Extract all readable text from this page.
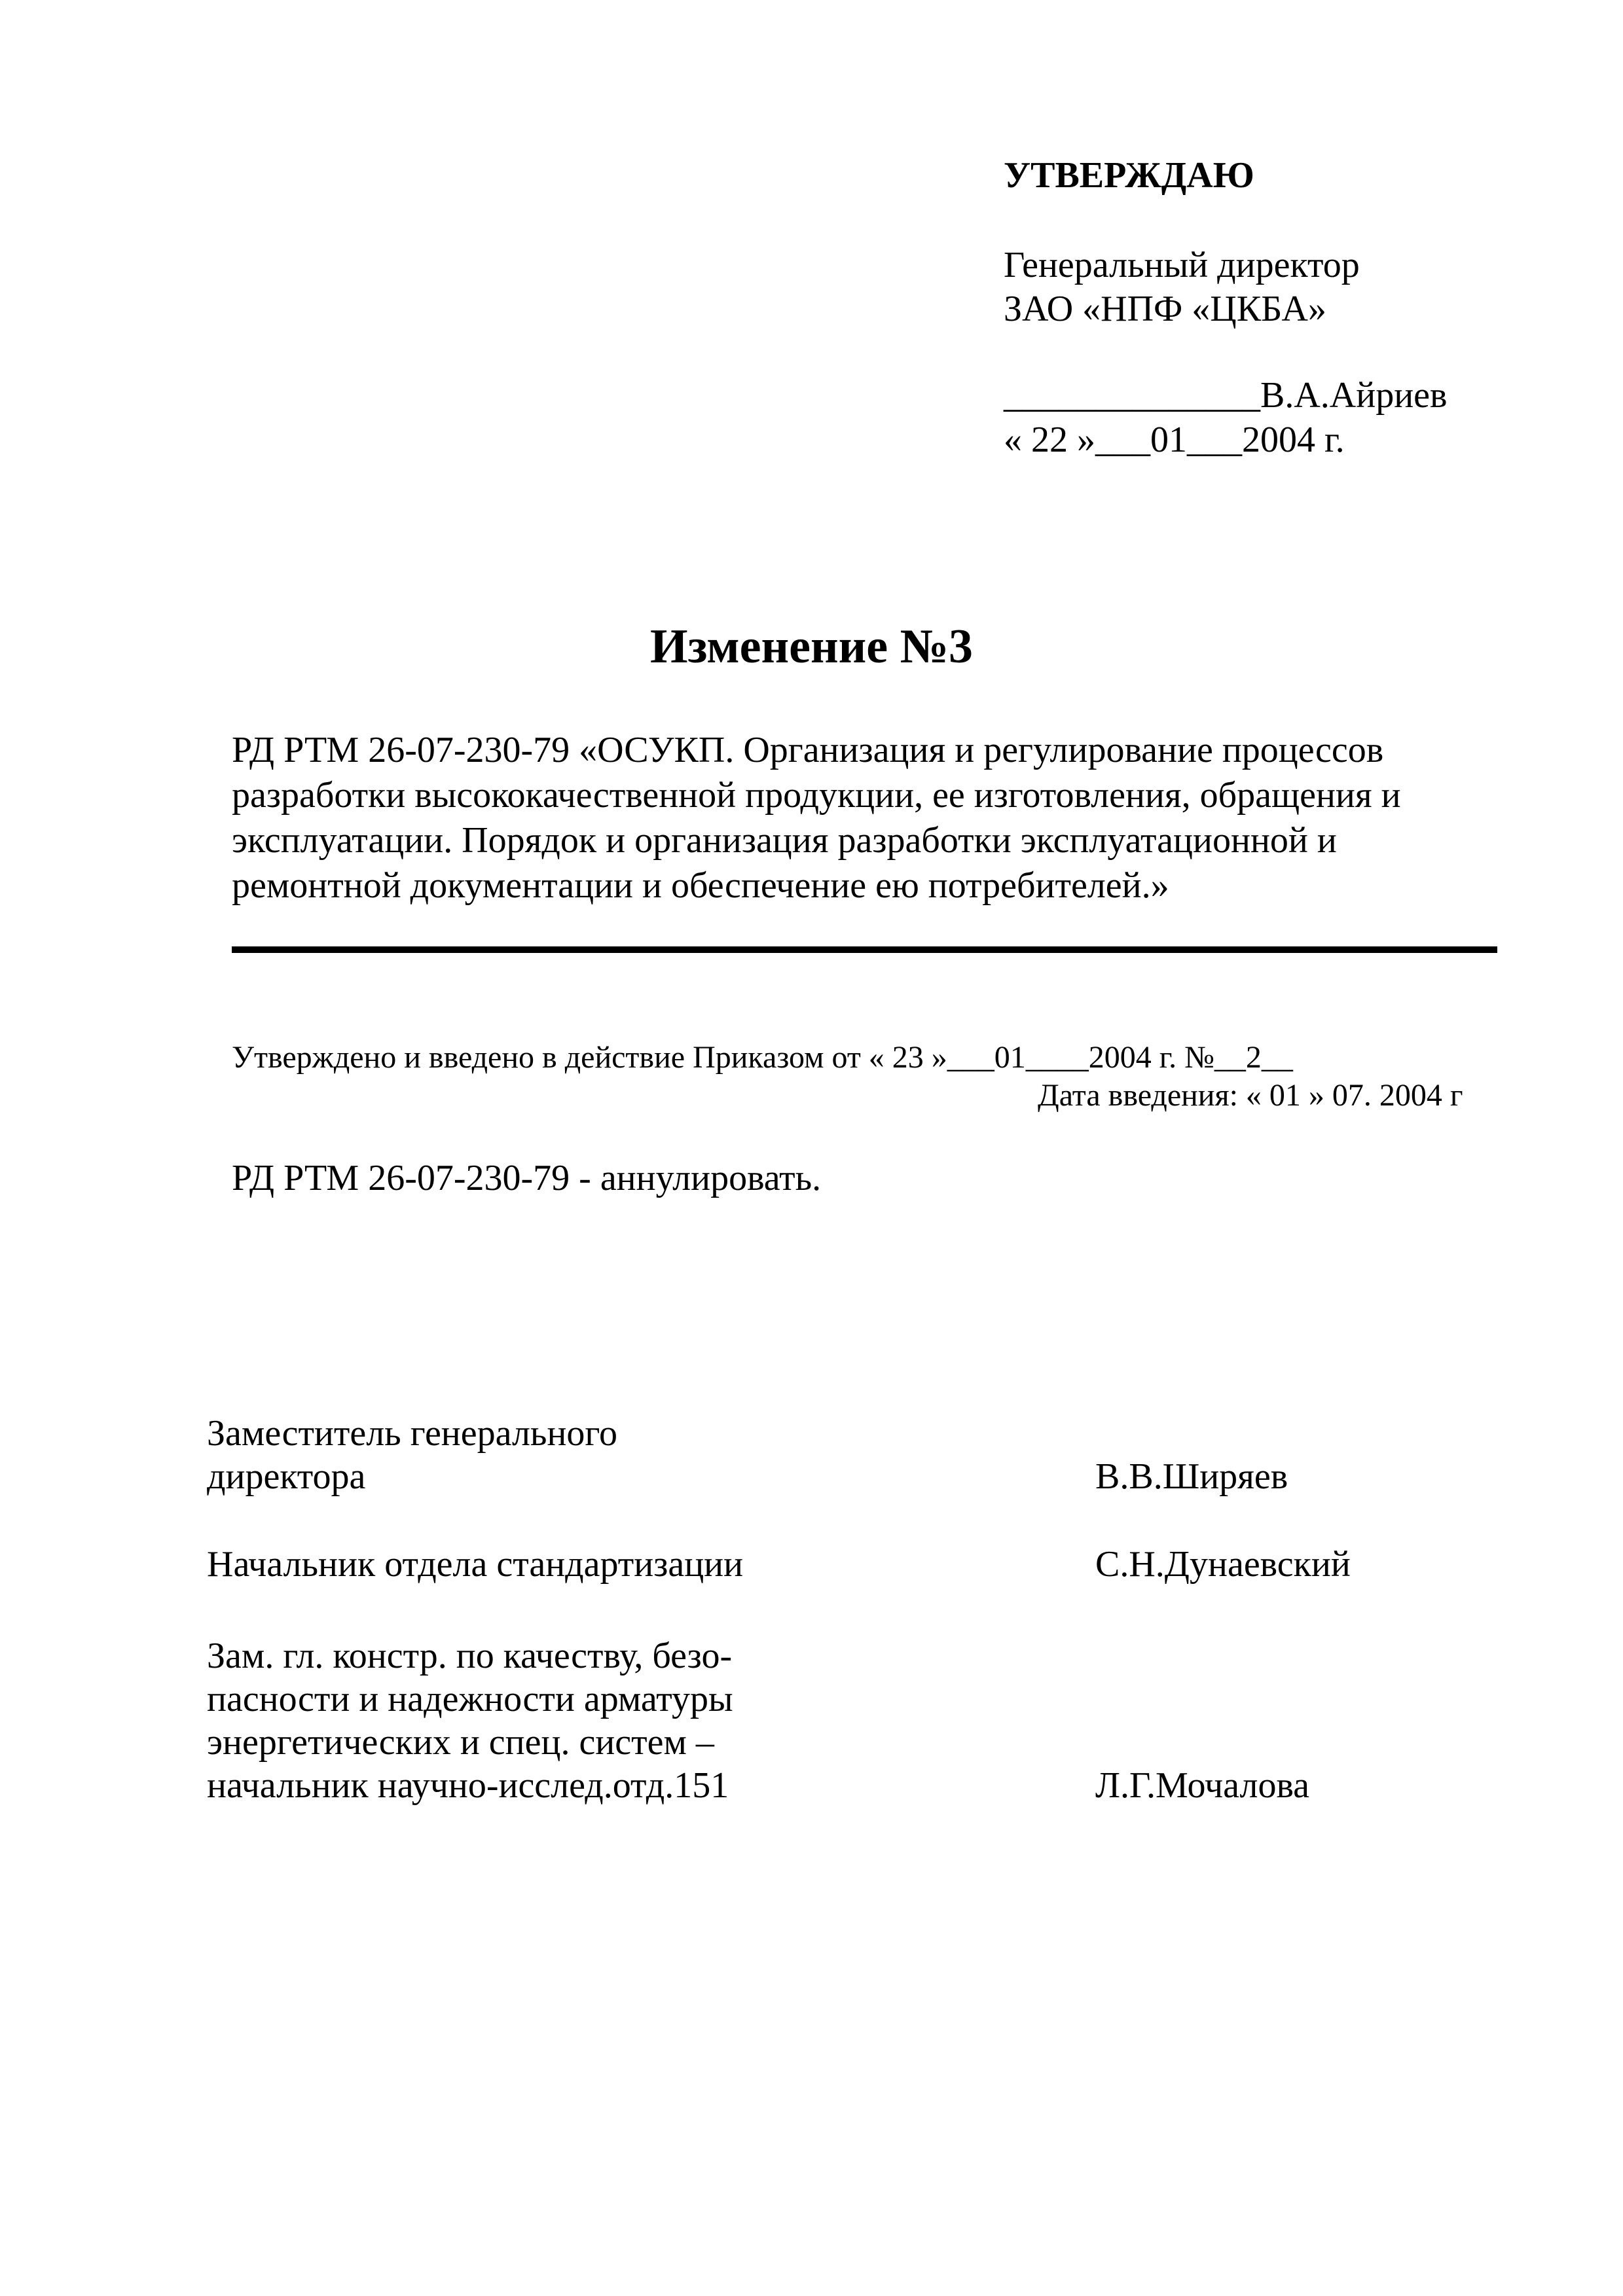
УТВЕРЖДАЮ
Генеральный директор
ЗАО «НПФ «ЦКБА»
______________В.А.Айриев
« 22 »___01___2004 г.
Изменение №3
РД РТМ 26-07-230-79 «ОСУКП. Организация и регулирование процессов
разработки высококачественной продукции, ее изготовления, обращения и
эксплуатации. Порядок и организация разработки эксплуатационной и
ремонтной документации и обеспечение ею потребителей.»
Утверждено и введено в действие Приказом от « 23 »___01____2004 г. №__2__
Дата введения: « 01 » 07. 2004 г
РД РТМ 26-07-230-79 - аннулировать.
Заместитель генерального
директора	В.В.Ширяев
Начальник отдела стандартизации	С.Н.Дунаевский
Зам. гл. констр. по качеству, безо-
пасности и надежности арматуры
энергетических и спец. систем –
начальник научно-исслед.отд.151	Л.Г.Мочалова
